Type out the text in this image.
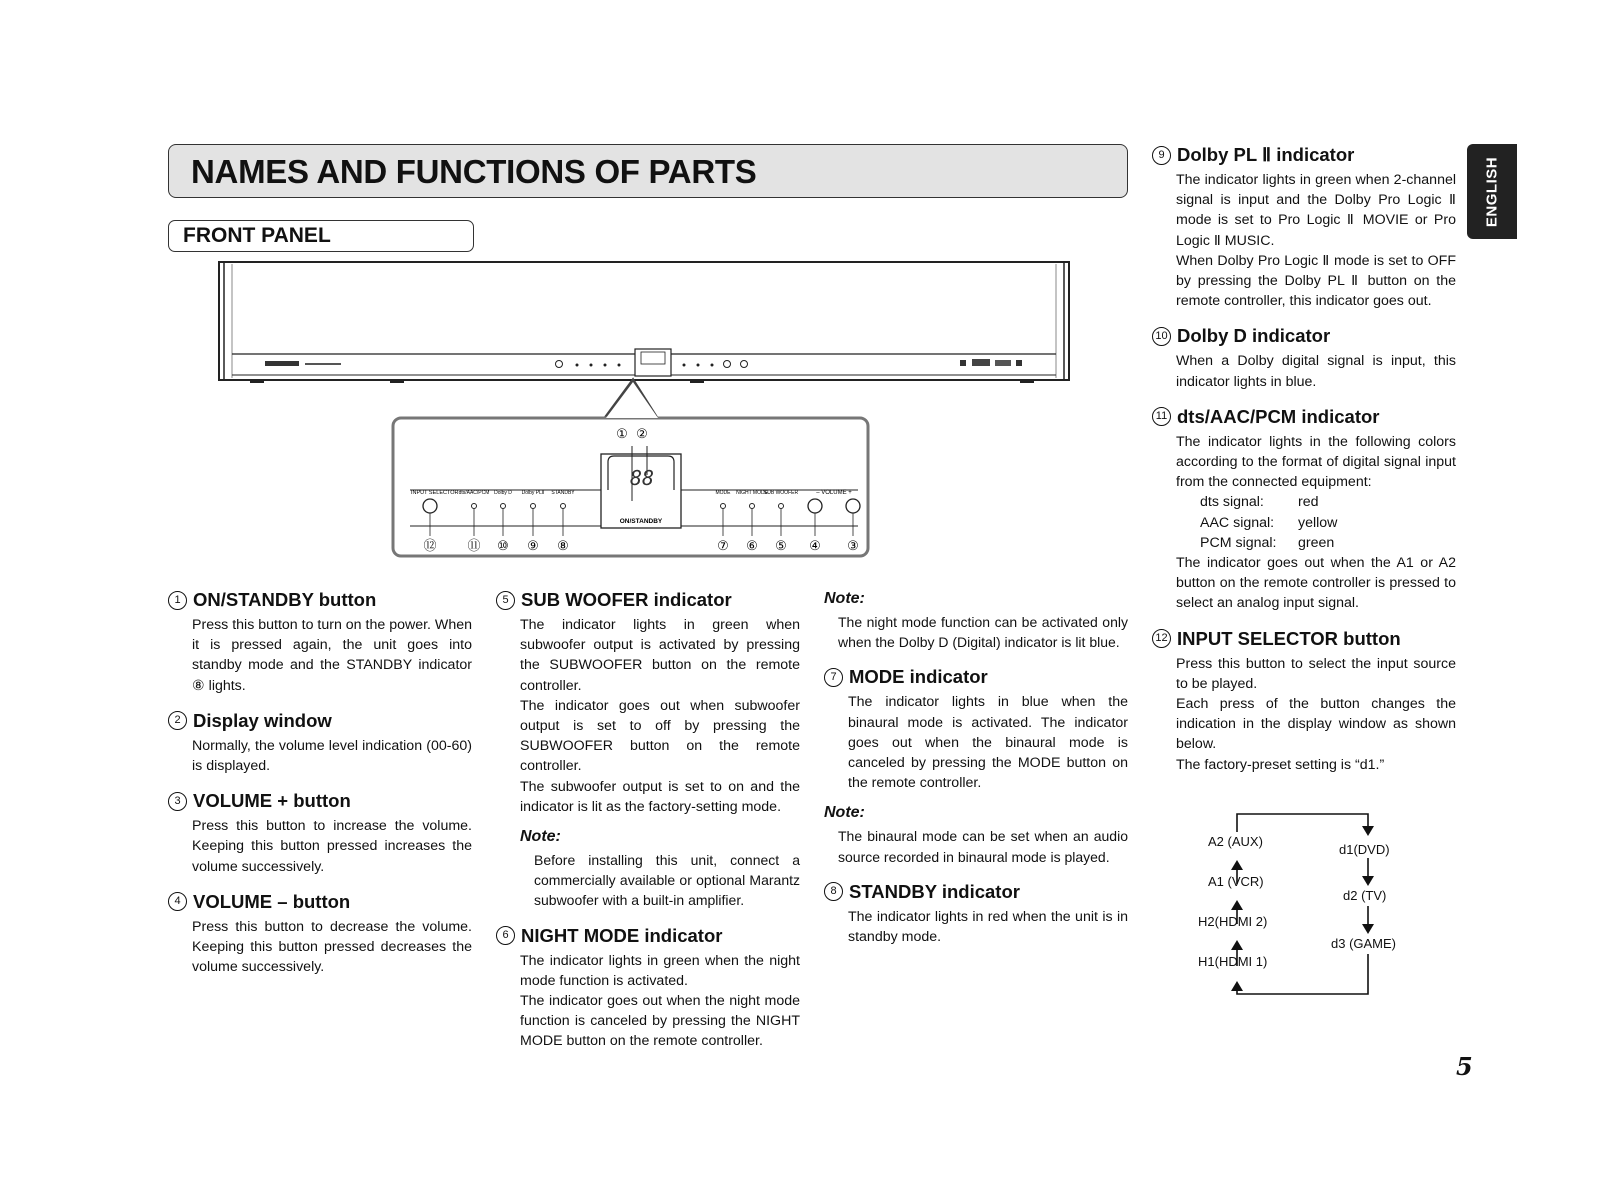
NAMES AND FUNCTIONS OF PARTS
FRONT PANEL
ENGLISH
① ②
88
ON/STANDBY
INPUT SELECTOR dts/AAC/PCM Dolby D Dolby PLⅡ STANDBY	MODE NIGHT MODE
SUB WOOFER	– VOLUME +
⑫ ⑪ ⑩ ⑨ ⑧	⑦ ⑥ ⑤ ④ ③
1 ON/STANDBY button

Press this button to turn on the power. When it is pressed again, the unit goes into standby mode and the STANDBY indicator ⑧ lights.

2 Display window

Normally, the volume level indication (00-60) is displayed.

3 VOLUME + button

Press this button to increase the volume. Keeping this button pressed increases the volume successively.

4 VOLUME – button

Press this button to decrease the volume. Keeping this button pressed decreases the volume successively.

5 SUB WOOFER indicator

The indicator lights in green when subwoofer output is activated by pressing the SUBWOOFER button on the remote controller.

The indicator goes out when subwoofer output is set to off by pressing the SUBWOOFER button on the remote controller.

The subwoofer output is set to on and the indicator is lit as the factory-setting mode.

Note:

Before installing this unit, connect a commercially available or optional Marantz subwoofer with a built-in amplifier.

6 NIGHT MODE indicator

The indicator lights in green when the night mode function is activated.

The indicator goes out when the night mode function is canceled by pressing the NIGHT MODE button on the remote controller.

Note:

The night mode function can be activated only when the Dolby D (Digital) indicator is lit blue.

7 MODE indicator

The indicator lights in blue when the binaural mode is activated. The indicator goes out when the binaural mode is canceled by pressing the MODE button on the remote controller.

Note:

The binaural mode can be set when an audio source recorded in binaural mode is played.

8 STANDBY indicator

The indicator lights in red when the unit is in standby mode.

9 Dolby PL Ⅱ indicator

The indicator lights in green when 2-channel signal is input and the Dolby Pro Logic Ⅱ mode is set to Pro Logic Ⅱ MOVIE or Pro Logic Ⅱ MUSIC.

When Dolby Pro Logic Ⅱ mode is set to OFF by pressing the Dolby PL Ⅱ button on the remote controller, this indicator goes out.

10 Dolby D indicator

When a Dolby digital signal is input, this indicator lights in blue.

11 dts/AAC/PCM indicator

The indicator lights in the following colors according to the format of digital signal input from the connected equipment:

dts signal:	red
AAC signal:	yellow
PCM signal:	green

The indicator goes out when the A1 or A2 button on the remote controller is pressed to select an analog input signal.

12 INPUT SELECTOR button

Press this button to select the input source to be played.

Each press of the button changes the indication in the display window as shown below.

The factory-preset setting is “d1.”

A2 (AUX)
A1 (VCR)
H2(HDMI 2)
H1(HDMI 1)
d1(DVD)
d2 (TV)
d3 (GAME)
5
